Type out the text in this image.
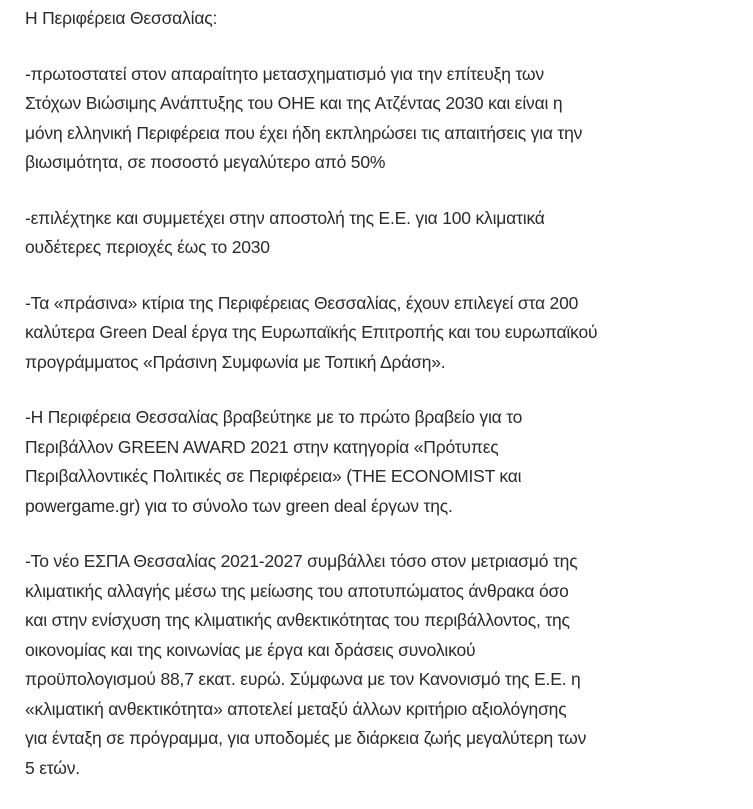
Η Περιφέρεια Θεσσαλίας:

-πρωτοστατεί στον απαραίτητο μετασχηματισμό για την επίτευξη των
Στόχων Βιώσιμης Ανάπτυξης του ΟΗΕ και της Ατζέντας 2030 και είναι η
μόνη ελληνική Περιφέρεια που έχει ήδη εκπληρώσει τις απαιτήσεις για την
βιωσιμότητα, σε ποσοστό μεγαλύτερο από 50%

-επιλέχτηκε και συμμετέχει στην αποστολή της Ε.Ε. για 100 κλιματικά
ουδέτερες περιοχές έως το 2030

-Τα «πράσινα» κτίρια της Περιφέρειας Θεσσαλίας, έχουν επιλεγεί στα 200
καλύτερα Green Deal έργα της Ευρωπαϊκής Επιτροπής και του ευρωπαϊκού
προγράμματος «Πράσινη Συμφωνία με Τοπική Δράση».

-Η Περιφέρεια Θεσσαλίας βραβεύτηκε με το πρώτο βραβείο για το
Περιβάλλον GREEN AWARD 2021 στην κατηγορία «Πρότυπες
Περιβαλλοντικές Πολιτικές σε Περιφέρεια» (THE ECONOMIST και
powergame.gr) για το σύνολο των green deal έργων της.

-Το νέο ΕΣΠΑ Θεσσαλίας 2021-2027 συμβάλλει τόσο στον μετριασμό της
κλιματικής αλλαγής μέσω της μείωσης του αποτυπώματος άνθρακα όσο
και στην ενίσχυση της κλιματικής ανθεκτικότητας του περιβάλλοντος, της
οικονομίας και της κοινωνίας με έργα και δράσεις συνολικού
προϋπολογισμού 88,7 εκατ. ευρώ. Σύμφωνα με τον Κανονισμό της Ε.Ε. η
«κλιματική ανθεκτικότητα» αποτελεί μεταξύ άλλων κριτήριο αξιολόγησης
για ένταξη σε πρόγραμμα, για υποδομές με διάρκεια ζωής μεγαλύτερη των
5 ετών.
